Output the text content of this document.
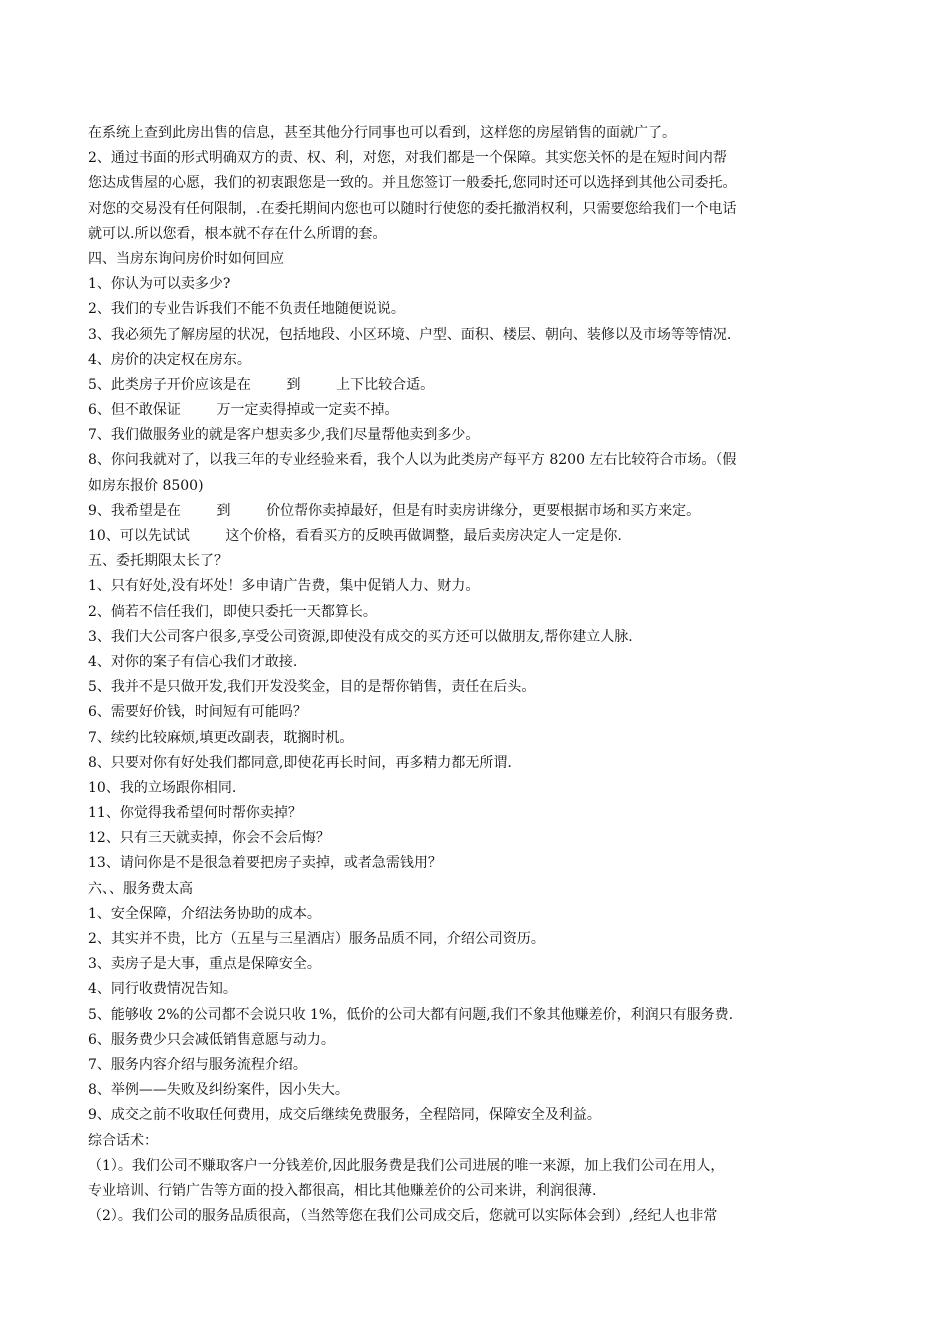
在系统上查到此房出售的信息，甚至其他分行同事也可以看到，这样您的房屋销售的面就广了。
2、通过书面的形式明确双方的责、权、利，对您，对我们都是一个保障。其实您关怀的是在短时间内帮
您达成售屋的心愿，我们的初衷跟您是一致的。并且您签订一般委托,您同时还可以选择到其他公司委托。
对您的交易没有任何限制，.在委托期间内您也可以随时行使您的委托撤消权利，只需要您给我们一个电话
就可以.所以您看，根本就不存在什么所谓的套。
四、当房东询问房价时如何回应
1、你认为可以卖多少?
2、我们的专业告诉我们不能不负责任地随便说说。
3、我必须先了解房屋的状况，包括地段、小区环境、户型、面积、楼层、朝向、装修以及市场等等情况.
4、房价的决定权在房东。
5、此类房子开价应该是在        到        上下比较合适。
6、但不敢保证        万一定卖得掉或一定卖不掉。
7、我们做服务业的就是客户想卖多少,我们尽量帮他卖到多少。
8、你问我就对了，以我三年的专业经验来看，我个人以为此类房产每平方 8200 左右比较符合市场。（假
如房东报价 8500)
9、我希望是在        到        价位帮你卖掉最好，但是有时卖房讲缘分，更要根据市场和买方来定。
10、可以先试试        这个价格，看看买方的反映再做调整，最后卖房决定人一定是你.
五、委托期限太长了？
1、只有好处,没有坏处！多申请广告费，集中促销人力、财力。
2、倘若不信任我们，即使只委托一天都算长。
3、我们大公司客户很多,享受公司资源,即使没有成交的买方还可以做朋友,帮你建立人脉.
4、对你的案子有信心我们才敢接.
5、我并不是只做开发,我们开发没奖金，目的是帮你销售，责任在后头。
6、需要好价钱，时间短有可能吗？
7、续约比较麻烦,填更改副表，耽搁时机。
8、只要对你有好处我们都同意,即使花再长时间，再多精力都无所谓.
10、我的立场跟你相同.
11、你觉得我希望何时帮你卖掉？
12、只有三天就卖掉，你会不会后悔？
13、请问你是不是很急着要把房子卖掉，或者急需钱用？
六、、服务费太高
1、安全保障，介绍法务协助的成本。
2、其实并不贵，比方（五星与三星酒店）服务品质不同，介绍公司资历。
3、卖房子是大事，重点是保障安全。
4、同行收费情况告知。
5、能够收 2%的公司都不会说只收 1%，低价的公司大都有问题,我们不象其他赚差价，利润只有服务费.
6、服务费少只会减低销售意愿与动力。
7、服务内容介绍与服务流程介绍。
8、举例——失败及纠纷案件，因小失大。
9、成交之前不收取任何费用，成交后继续免费服务，全程陪同，保障安全及利益。
综合话术：
（1）。我们公司不赚取客户一分钱差价,因此服务费是我们公司进展的唯一来源，加上我们公司在用人，
专业培训、行销广告等方面的投入都很高，相比其他赚差价的公司来讲，利润很薄.
（2）。我们公司的服务品质很高，（当然等您在我们公司成交后，您就可以实际体会到）,经纪人也非常
